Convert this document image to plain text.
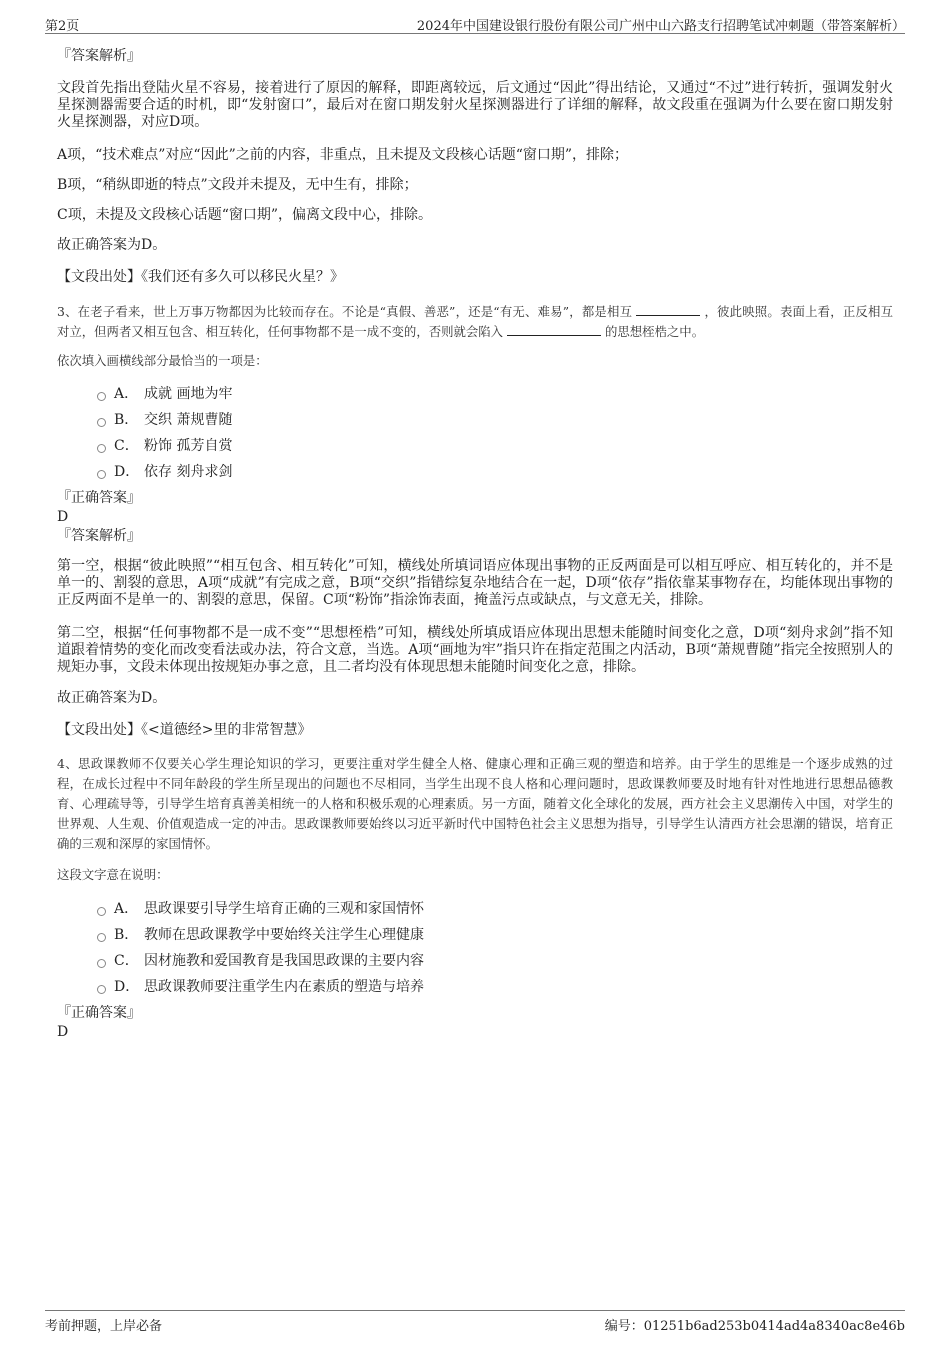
第2页	2024年中国建设银行股份有限公司广州中山六路支行招聘笔试冲刺题（带答案解析）

『答案解析』

文段首先指出登陆火星不容易，接着进行了原因的解释，即距离较远，后文通过“因此”得出结论，又通过“不过”进行转折，强调发射火星探测器需要合适的时机，即“发射窗口”，最后对在窗口期发射火星探测器进行了详细的解释，故文段重在强调为什么要在窗口期发射火星探测器，对应D项。

A项，“技术难点”对应“因此”之前的内容，非重点，且未提及文段核心话题“窗口期”，排除；

B项，“稍纵即逝的特点”文段并未提及，无中生有，排除；

C项，未提及文段核心话题“窗口期”，偏离文段中心，排除。

故正确答案为D。

【文段出处】《我们还有多久可以移民火星？》

3、在老子看来，世上万事万物都因为比较而存在。不论是“真假、善恶”，还是“有无、难易”，都是相互	，彼此映照。表面上看，正反相互对立，但两者又相互包含、相互转化，任何事物都不是一成不变的，否则就会陷入	的思想桎梏之中。

依次填入画横线部分最恰当的一项是：

A． 成就 画地为牢
B． 交织 萧规曹随
C． 粉饰 孤芳自赏
D． 依存 刻舟求剑

『正确答案』

D

『答案解析』

第一空，根据“彼此映照”“相互包含、相互转化”可知，横线处所填词语应体现出事物的正反两面是可以相互呼应、相互转化的，并不是单一的、割裂的意思，A项“成就”有完成之意，B项“交织”指错综复杂地结合在一起，D项“依存”指依靠某事物存在，均能体现出事物的正反两面不是单一的、割裂的意思，保留。C项“粉饰”指涂饰表面，掩盖污点或缺点，与文意无关，排除。

第二空，根据“任何事物都不是一成不变”“思想桎梏”可知，横线处所填成语应体现出思想未能随时间变化之意，D项“刻舟求剑”指不知道跟着情势的变化而改变看法或办法，符合文意，当选。A项“画地为牢”指只许在指定范围之内活动，B项“萧规曹随”指完全按照别人的规矩办事，文段未体现出按规矩办事之意，且二者均没有体现思想未能随时间变化之意，排除。

故正确答案为D。

【文段出处】《<道德经>里的非常智慧》

4、思政课教师不仅要关心学生理论知识的学习，更要注重对学生健全人格、健康心理和正确三观的塑造和培养。由于学生的思维是一个逐步成熟的过程，在成长过程中不同年龄段的学生所呈现出的问题也不尽相同，当学生出现不良人格和心理问题时，思政课教师要及时地有针对性地进行思想品德教育、心理疏导等，引导学生培育真善美相统一的人格和积极乐观的心理素质。另一方面，随着文化全球化的发展，西方社会主义思潮传入中国，对学生的世界观、人生观、价值观造成一定的冲击。思政课教师要始终以习近平新时代中国特色社会主义思想为指导，引导学生认清西方社会思潮的错误，培育正确的三观和深厚的家国情怀。

这段文字意在说明：

A． 思政课要引导学生培育正确的三观和家国情怀
B． 教师在思政课教学中要始终关注学生心理健康
C． 因材施教和爱国教育是我国思政课的主要内容
D． 思政课教师要注重学生内在素质的塑造与培养

『正确答案』

D

考前押题，上岸必备	编号：01251b6ad253b0414ad4a8340ac8e46b
